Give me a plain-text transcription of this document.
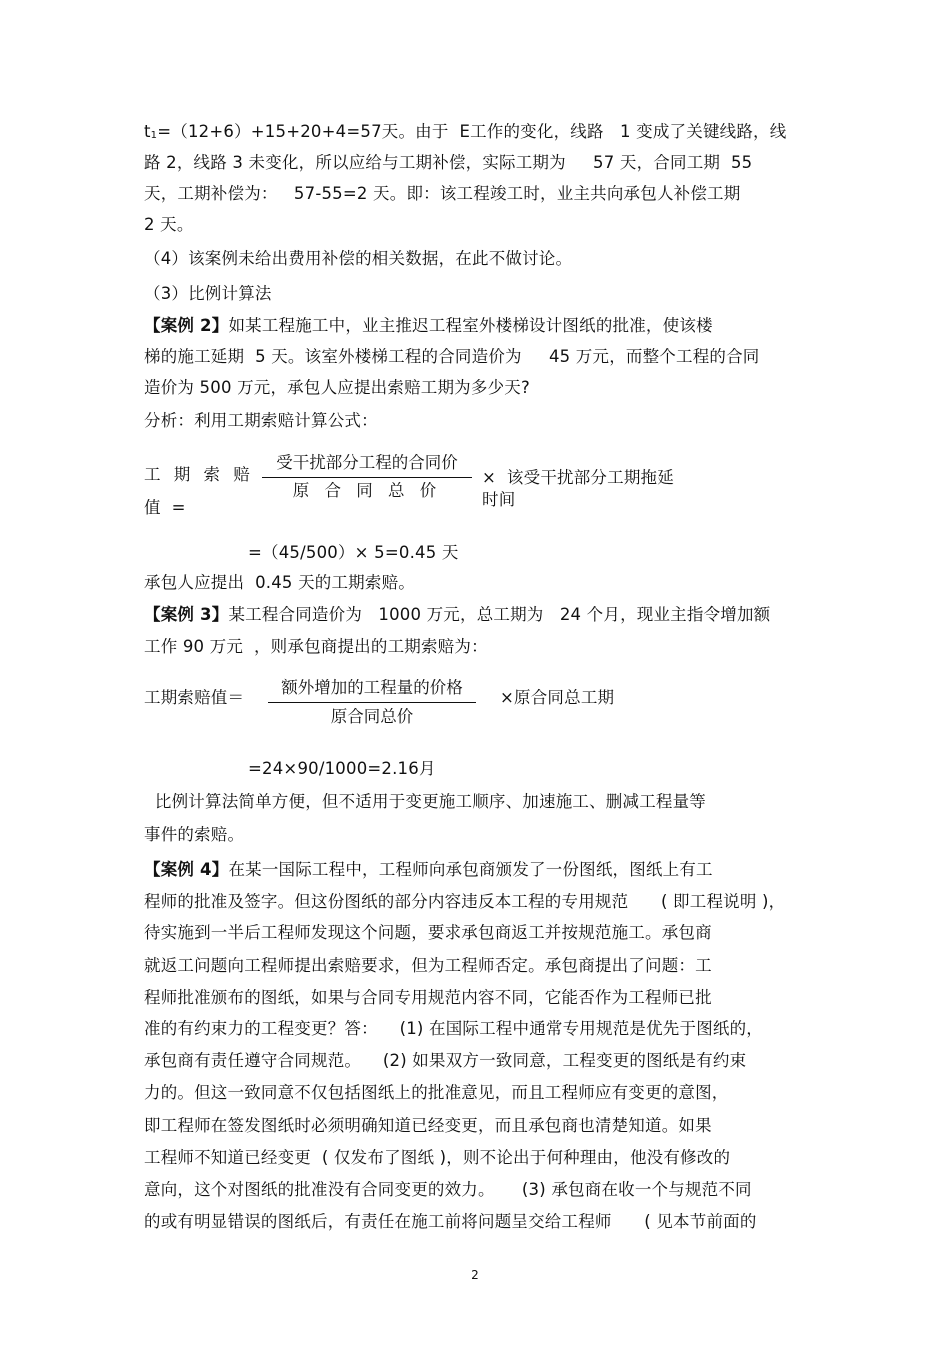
t1=（12+6）+15+20+4=57天。由于  E工作的变化，线路   1 变成了关键线路，线
路 2，线路 3 未变化，所以应给与工期补偿，实际工期为     57 天，合同工期  55
天，工期补偿为：   57-55=2 天。即：该工程竣工时，业主共向承包人补偿工期
2 天。
（4）该案例未给出费用补偿的相关数据，在此不做讨论。
（3）比例计算法
【案例 2】如某工程施工中，业主推迟工程室外楼梯设计图纸的批准，使该楼
梯的施工延期  5 天。该室外楼梯工程的合同造价为     45 万元，而整个工程的合同
造价为 500 万元，承包人应提出索赔工期为多少天?
分析：利用工期索赔计算公式：
工 期 索 赔
值  =
受干扰部分工程的合同价
原 合 同 总 价
×  该受干扰部分工期拖延
时间
=（45/500）× 5=0.45 天
承包人应提出  0.45 天的工期索赔。
【案例 3】某工程合同造价为   1000 万元，总工期为   24 个月，现业主指令增加额
工作 90 万元  ，则承包商提出的工期索赔为：
工期索赔值＝
额外增加的工程量的价格
原合同总价
×原合同总工期
=24×90/1000=2.16月
比例计算法简单方便，但不适用于变更施工顺序、加速施工、删减工程量等
事件的索赔。
【案例 4】在某一国际工程中，工程师向承包商颁发了一份图纸，图纸上有工
程师的批准及签字。但这份图纸的部分内容违反本工程的专用规范      ( 即工程说明 )，
待实施到一半后工程师发现这个问题，要求承包商返工并按规范施工。承包商
就返工问题向工程师提出索赔要求，但为工程师否定。承包商提出了问题：工
程师批准颁布的图纸，如果与合同专用规范内容不同，它能否作为工程师已批
准的有约束力的工程变更？答：    (1) 在国际工程中通常专用规范是优先于图纸的，
承包商有责任遵守合同规范。    (2) 如果双方一致同意，工程变更的图纸是有约束
力的。但这一致同意不仅包括图纸上的批准意见，而且工程师应有变更的意图，
即工程师在签发图纸时必须明确知道已经变更，而且承包商也清楚知道。如果
工程师不知道已经变更  ( 仅发布了图纸 )，则不论出于何种理由，他没有修改的
意向，这个对图纸的批准没有合同变更的效力。     (3) 承包商在收一个与规范不同
的或有明显错误的图纸后，有责任在施工前将问题呈交给工程师      ( 见本节前面的
2
